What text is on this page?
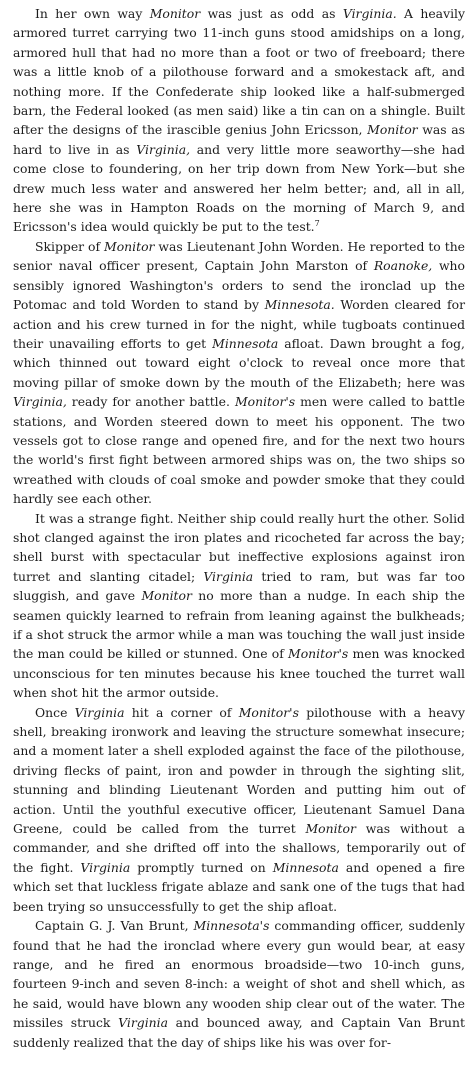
In her own way Monitor was just as odd as Virginia. A heavily armored turret carrying two 11-inch guns stood amidships on a long, armored hull that had no more than a foot or two of freeboard; there was a little knob of a pilothouse forward and a smokestack aft, and nothing more. If the Confederate ship looked like a half-submerged barn, the Federal looked (as men said) like a tin can on a shingle. Built after the designs of the irascible genius John Ericsson, Monitor was as hard to live in as Virginia, and very little more seaworthy—she had come close to foundering, on her trip down from New York—but she drew much less water and answered her helm better; and, all in all, here she was in Hampton Roads on the morning of March 9, and Ericsson's idea would quickly be put to the test.$^7$

Skipper of Monitor was Lieutenant John Worden. He reported to the senior naval officer present, Captain John Marston of Roanoke, who sensibly ignored Washington's orders to send the ironclad up the Potomac and told Worden to stand by Minnesota. Worden cleared for action and his crew turned in for the night, while tugboats continued their unavailing efforts to get Minnesota afloat. Dawn brought a fog, which thinned out toward eight o'clock to reveal once more that moving pillar of smoke down by the mouth of the Elizabeth; here was Virginia, ready for another battle. Monitor's men were called to battle stations, and Worden steered down to meet his opponent. The two vessels got to close range and opened fire, and for the next two hours the world's first fight between armored ships was on, the two ships so wreathed with clouds of coal smoke and powder smoke that they could hardly see each other.

It was a strange fight. Neither ship could really hurt the other. Solid shot clanged against the iron plates and ricocheted far across the bay; shell burst with spectacular but ineffective explosions against iron turret and slanting citadel; Virginia tried to ram, but was far too sluggish, and gave Monitor no more than a nudge. In each ship the seamen quickly learned to refrain from leaning against the bulkheads; if a shot struck the armor while a man was touching the wall just inside the man could be killed or stunned. One of Monitor's men was knocked unconscious for ten minutes because his knee touched the turret wall when shot hit the armor outside.

Once Virginia hit a corner of Monitor's pilothouse with a heavy shell, breaking ironwork and leaving the structure somewhat insecure; and a moment later a shell exploded against the face of the pilothouse, driving flecks of paint, iron and powder in through the sighting slit, stunning and blinding Lieutenant Worden and putting him out of action. Until the youthful executive officer, Lieutenant Samuel Dana Greene, could be called from the turret Monitor was without a commander, and she drifted off into the shallows, temporarily out of the fight. Virginia promptly turned on Minnesota and opened a fire which set that luckless frigate ablaze and sank one of the tugs that had been trying so unsuccessfully to get the ship afloat.

Captain G. J. Van Brunt, Minnesota's commanding officer, suddenly found that he had the ironclad where every gun would bear, at easy range, and he fired an enormous broadside—two 10-inch guns, fourteen 9-inch and seven 8-inch: a weight of shot and shell which, as he said, would have blown any wooden ship clear out of the water. The missiles struck Virginia and bounced away, and Captain Van Brunt suddenly realized that the day of ships like his was over for-
